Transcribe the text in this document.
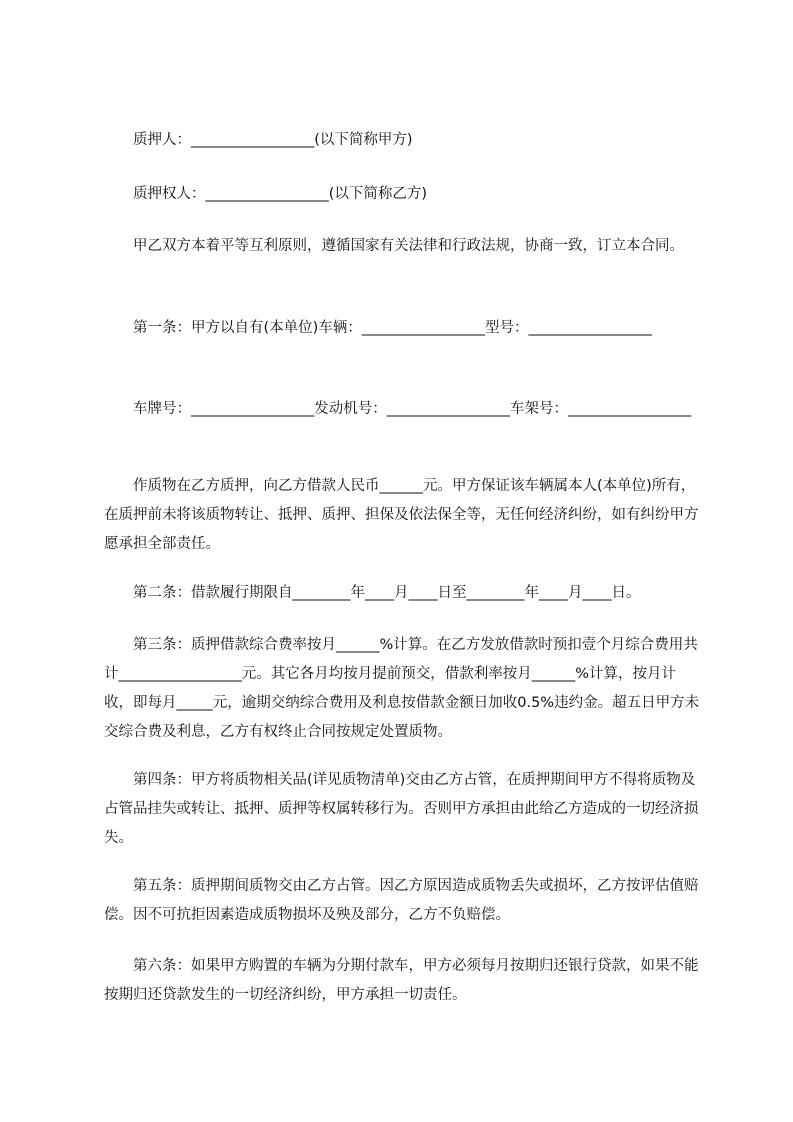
　　质押人：_________________(以下简称甲方)

　　质押权人：_________________(以下简称乙方)

　　甲乙双方本着平等互利原则，遵循国家有关法律和行政法规，协商一致，订立本合同。

　　第一条：甲方以自有(本单位)车辆：_________________型号：_________________

　　车牌号：_________________发动机号：_________________车架号：_________________

　　作质物在乙方质押，向乙方借款人民币______元。甲方保证该车辆属本人(本单位)所有，在质押前未将该质物转让、抵押、质押、担保及依法保全等，无任何经济纠纷，如有纠纷甲方愿承担全部责任。

　　第二条：借款履行期限自________年____月____日至________年____月____日。

　　第三条：质押借款综合费率按月______%计算。在乙方发放借款时预扣壹个月综合费用共计_________________元。其它各月均按月提前预交，借款利率按月______%计算，按月计收，即每月_____元，逾期交纳综合费用及利息按借款金额日加收0.5%违约金。超五日甲方未交综合费及利息，乙方有权终止合同按规定处置质物。

　　第四条：甲方将质物相关品(详见质物清单)交由乙方占管，在质押期间甲方不得将质物及占管品挂失或转让、抵押、质押等权属转移行为。否则甲方承担由此给乙方造成的一切经济损失。

　　第五条：质押期间质物交由乙方占管。因乙方原因造成质物丢失或损坏，乙方按评估值赔偿。因不可抗拒因素造成质物损坏及殃及部分，乙方不负赔偿。

　　第六条：如果甲方购置的车辆为分期付款车，甲方必须每月按期归还银行贷款，如果不能按期归还贷款发生的一切经济纠纷，甲方承担一切责任。
